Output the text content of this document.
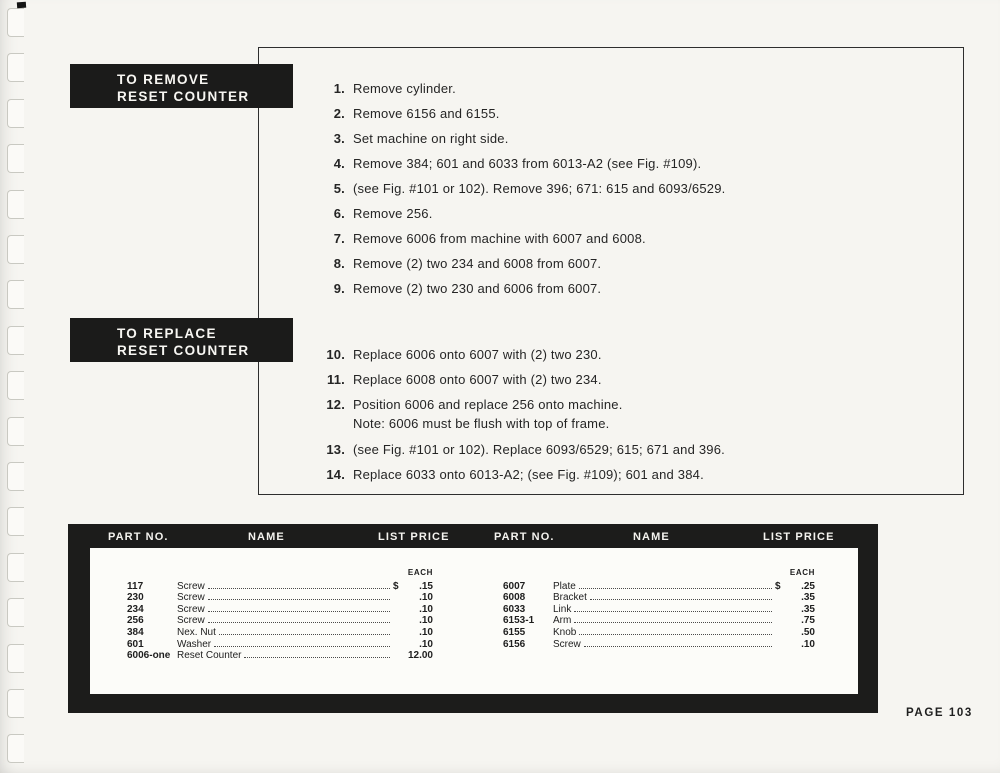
TO REMOVE
RESET COUNTER
TO REPLACE
RESET COUNTER
1. Remove cylinder.
2. Remove 6156 and 6155.
3. Set machine on right side.
4. Remove 384; 601 and 6033 from 6013-A2 (see Fig. #109).
5. (see Fig. #101 or 102). Remove 396; 671: 615 and 6093/6529.
6. Remove 256.
7. Remove 6006 from machine with 6007 and 6008.
8. Remove (2) two 234 and 6008 from 6007.
9. Remove (2) two 230 and 6006 from 6007.
10. Replace 6006 onto 6007 with (2) two 230.
11. Replace 6008 onto 6007 with (2) two 234.
12. Position 6006 and replace 256 onto machine.
Note: 6006 must be flush with top of frame.
13. (see Fig. #101 or 102). Replace 6093/6529; 615; 671 and 396.
14. Replace 6033 onto 6013-A2; (see Fig. #109); 601 and 384.
PART NO.	NAME	LIST PRICE	PART NO.	NAME	LIST PRICE
EACH
117	Screw	$ .15
230	Screw	.10
234	Screw	.10
256	Screw	.10
384	Nex. Nut	.10
601	Washer	.10
6006-one Reset Counter	12.00
EACH
6007	Plate	$ .25
6008	Bracket	.35
6033	Link	.35
6153-1	Arm	.75
6155	Knob	.50
6156	Screw	.10
PAGE 103
